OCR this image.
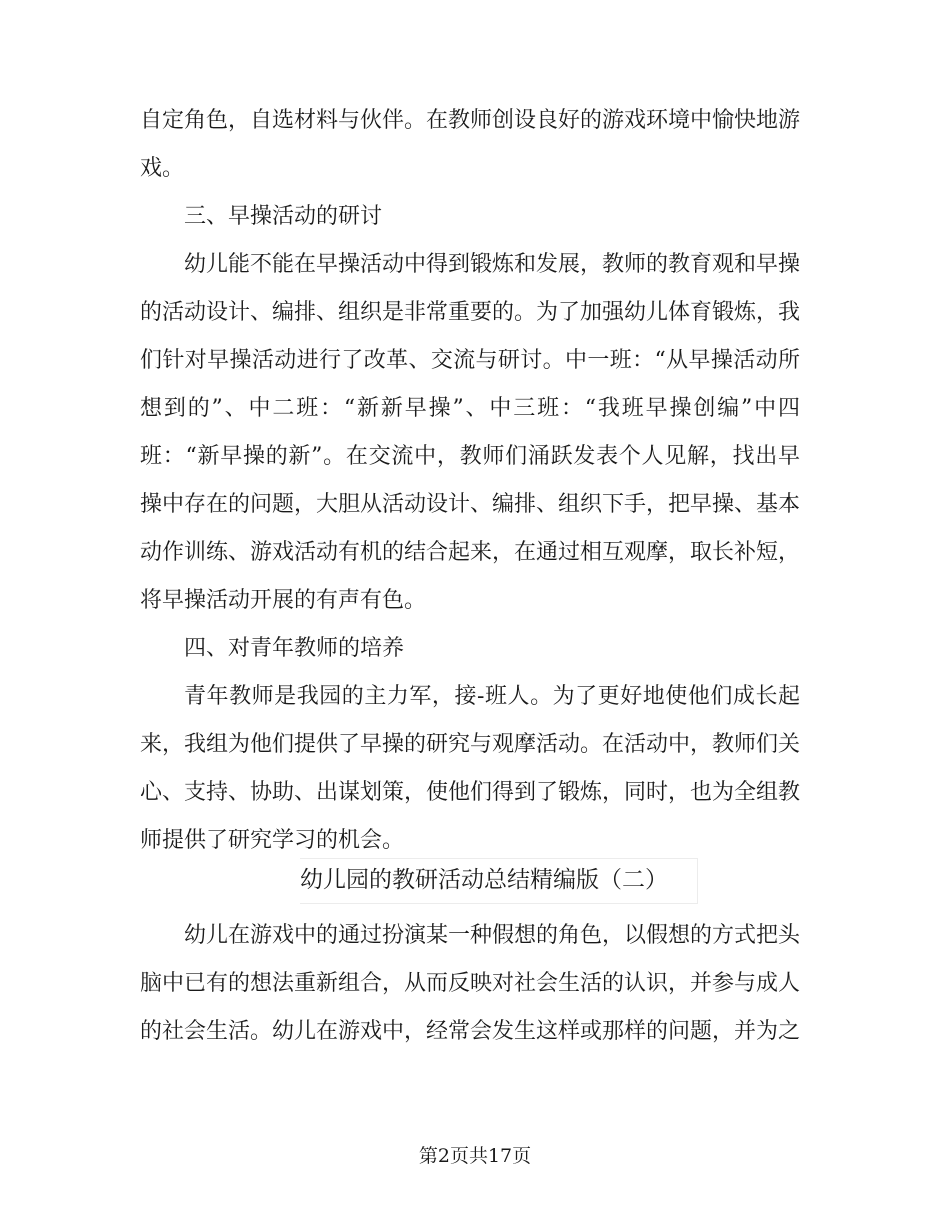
自定角色，自选材料与伙伴。在教师创设良好的游戏环境中愉快地游戏。

三、早操活动的研讨

幼儿能不能在早操活动中得到锻炼和发展，教师的教育观和早操的活动设计、编排、组织是非常重要的。为了加强幼儿体育锻炼，我们针对早操活动进行了改革、交流与研讨。中一班：“从早操活动所想到的”、中二班：“新新早操”、中三班：“我班早操创编”中四班：“新早操的新”。在交流中，教师们涌跃发表个人见解，找出早操中存在的问题，大胆从活动设计、编排、组织下手，把早操、基本动作训练、游戏活动有机的结合起来，在通过相互观摩，取长补短，将早操活动开展的有声有色。

四、对青年教师的培养

青年教师是我园的主力军，接-班人。为了更好地使他们成长起来，我组为他们提供了早操的研究与观摩活动。在活动中，教师们关心、支持、协助、出谋划策，使他们得到了锻炼，同时，也为全组教师提供了研究学习的机会。

幼儿园的教研活动总结精编版（二）

幼儿在游戏中的通过扮演某一种假想的角色，以假想的方式把头脑中已有的想法重新组合，从而反映对社会生活的认识，并参与成人的社会生活。幼儿在游戏中，经常会发生这样或那样的问题，并为之

第2页共17页
